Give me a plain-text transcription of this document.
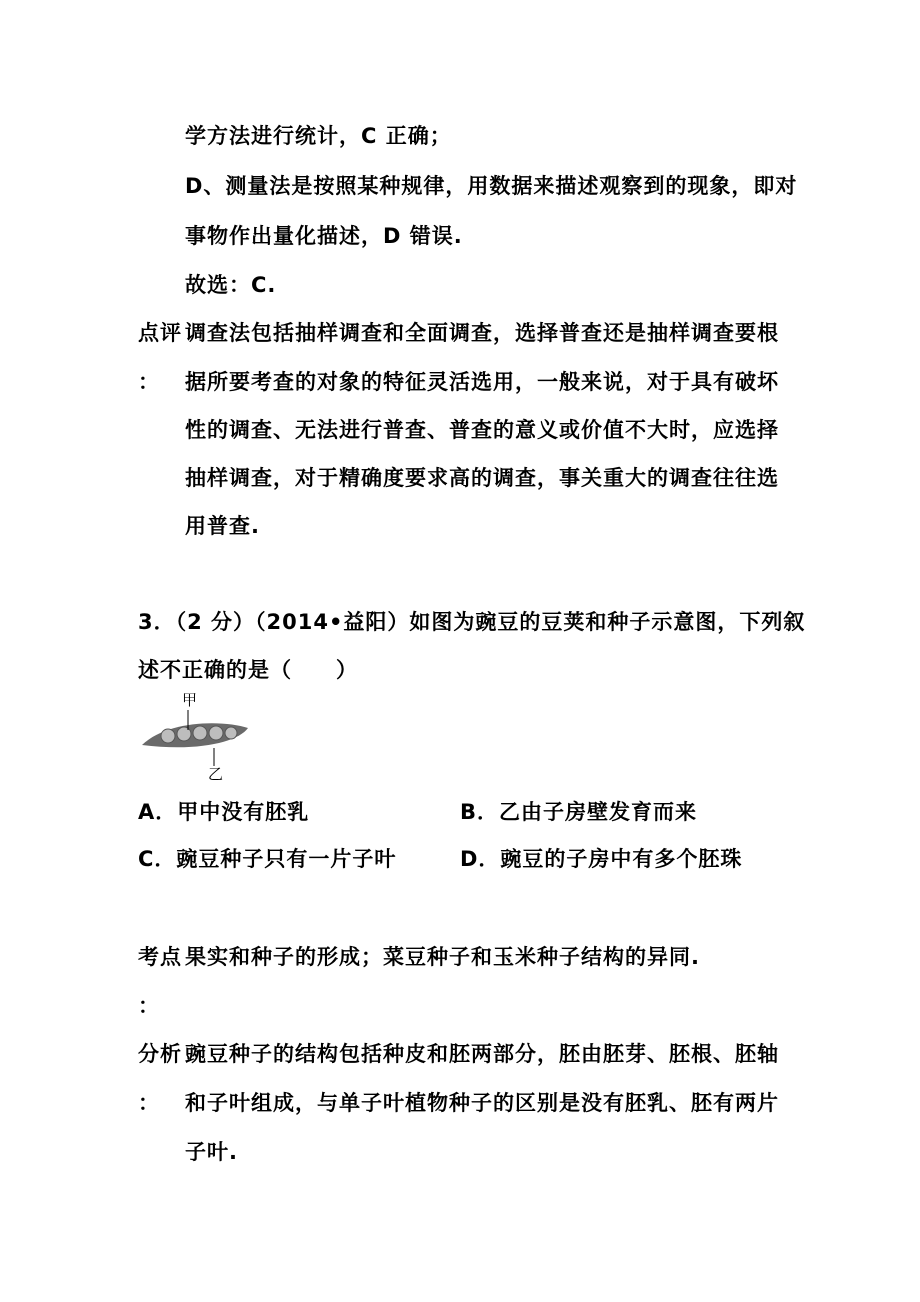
学方法进行统计，C 正确；
D、测量法是按照某种规律，用数据来描述观察到的现象，即对
事物作出量化描述，D 错误.
故选：C.
点评 调查法包括抽样调查和全面调查，选择普查还是抽样调查要根
： 据所要考查的对象的特征灵活选用，一般来说，对于具有破坏
性的调查、无法进行普查、普查的意义或价值不大时，应选择
抽样调查，对于精确度要求高的调查，事关重大的调查往往选
用普查.
3．（2 分）（2014•益阳）如图为豌豆的豆荚和种子示意图，下列叙
述不正确的是（　　）
甲
乙
A．甲中没有胚乳	B．乙由子房壁发育而来
C．豌豆种子只有一片子叶	D．豌豆的子房中有多个胚珠
考点 果实和种子的形成；菜豆种子和玉米种子结构的异同.
：
分析 豌豆种子的结构包括种皮和胚两部分，胚由胚芽、胚根、胚轴
： 和子叶组成，与单子叶植物种子的区别是没有胚乳、胚有两片
子叶.
